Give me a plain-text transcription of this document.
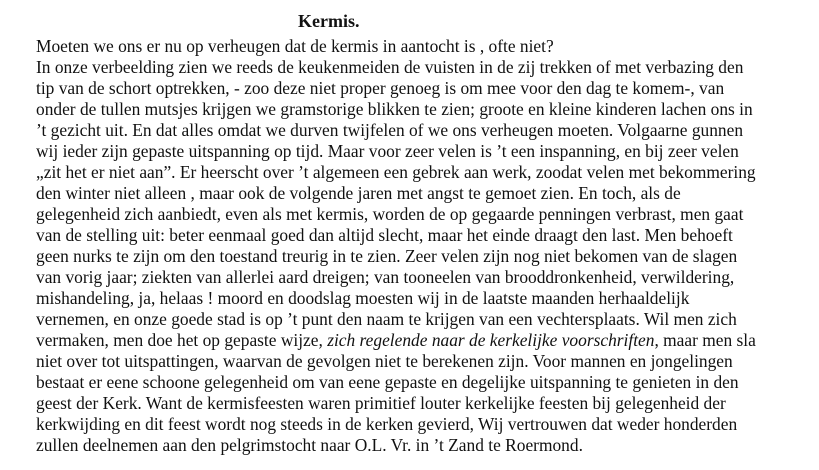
Kermis.
Moeten we ons er nu op verheugen dat de kermis in aantocht is , ofte niet?
In onze verbeelding zien we reeds de keukenmeiden de vuisten in de zij trekken of met verbazing den
tip van de schort optrekken, - zoo deze niet proper genoeg is om mee voor den dag te komem-, van
onder de tullen mutsjes krijgen we gramstorige blikken te zien; groote en kleine kinderen lachen ons in
’t gezicht uit. En dat alles omdat we durven twijfelen of we ons verheugen moeten. Volgaarne gunnen
wij ieder zijn gepaste uitspanning op tijd. Maar voor zeer velen is ’t een inspanning, en bij zeer velen
„zit het er niet aan”. Er heerscht over ’t algemeen een gebrek aan werk, zoodat velen met bekommering
den winter niet alleen , maar ook de volgende jaren met angst te gemoet zien. En toch, als de
gelegenheid zich aanbiedt, even als met kermis, worden de op gegaarde penningen verbrast, men gaat
van de stelling uit: beter eenmaal goed dan altijd slecht, maar het einde draagt den last. Men behoeft
geen nurks te zijn om den toestand treurig in te zien. Zeer velen zijn nog niet bekomen van de slagen
van vorig jaar; ziekten van allerlei aard dreigen; van tooneelen van brooddronkenheid, verwildering,
mishandeling, ja, helaas ! moord en doodslag moesten wij in de laatste maanden herhaaldelijk
vernemen, en onze goede stad is op ’t punt den naam te krijgen van een vechtersplaats. Wil men zich
vermaken, men doe het op gepaste wijze, zich regelende naar de kerkelijke voorschriften, maar men sla
niet over tot uitspattingen, waarvan de gevolgen niet te berekenen zijn. Voor mannen en jongelingen
bestaat er eene schoone gelegenheid om van eene gepaste en degelijke uitspanning te genieten in den
geest der Kerk. Want de kermisfeesten waren primitief louter kerkelijke feesten bij gelegenheid der
kerkwijding en dit feest wordt nog steeds in de kerken gevierd, Wij vertrouwen dat weder honderden
zullen deelnemen aan den pelgrimstocht naar O.L. Vr. in ’t Zand te Roermond.
